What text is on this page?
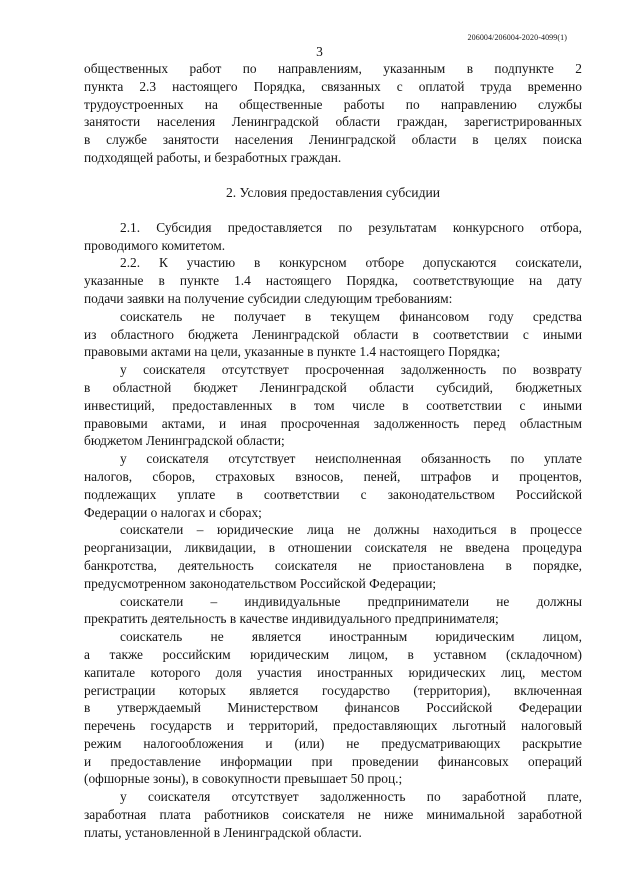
206004/206004-2020-4099(1)
3
общественных работ по направлениям, указанным в подпункте 2
пункта 2.3 настоящего Порядка, связанных с оплатой труда временно
трудоустроенных на общественные работы по направлению службы
занятости населения Ленинградской области граждан, зарегистрированных
в службе занятости населения Ленинградской области в целях поиска
подходящей работы, и безработных граждан.
2. Условия предоставления субсидии
2.1. Субсидия предоставляется по результатам конкурсного отбора,
проводимого комитетом.
2.2. К участию в конкурсном отборе допускаются соискатели,
указанные в пункте 1.4 настоящего Порядка, соответствующие на дату
подачи заявки на получение субсидии следующим требованиям:
соискатель не получает в текущем финансовом году средства
из областного бюджета Ленинградской области в соответствии с иными
правовыми актами на цели, указанные в пункте 1.4 настоящего Порядка;
у соискателя отсутствует просроченная задолженность по возврату
в областной бюджет Ленинградской области субсидий, бюджетных
инвестиций, предоставленных в том числе в соответствии с иными
правовыми актами, и иная просроченная задолженность перед областным
бюджетом Ленинградской области;
у соискателя отсутствует неисполненная обязанность по уплате
налогов, сборов, страховых взносов, пеней, штрафов и процентов,
подлежащих уплате в соответствии с законодательством Российской
Федерации о налогах и сборах;
соискатели – юридические лица не должны находиться в процессе
реорганизации, ликвидации, в отношении соискателя не введена процедура
банкротства, деятельность соискателя не приостановлена в порядке,
предусмотренном законодательством Российской Федерации;
соискатели – индивидуальные предприниматели не должны
прекратить деятельность в качестве индивидуального предпринимателя;
соискатель не является иностранным юридическим лицом,
а также российским юридическим лицом, в уставном (складочном)
капитале которого доля участия иностранных юридических лиц, местом
регистрации которых является государство (территория), включенная
в утверждаемый Министерством финансов Российской Федерации
перечень государств и территорий, предоставляющих льготный налоговый
режим налогообложения и (или) не предусматривающих раскрытие
и предоставление информации при проведении финансовых операций
(офшорные зоны), в совокупности превышает 50 проц.;
у соискателя отсутствует задолженность по заработной плате,
заработная плата работников соискателя не ниже минимальной заработной
платы, установленной в Ленинградской области.
